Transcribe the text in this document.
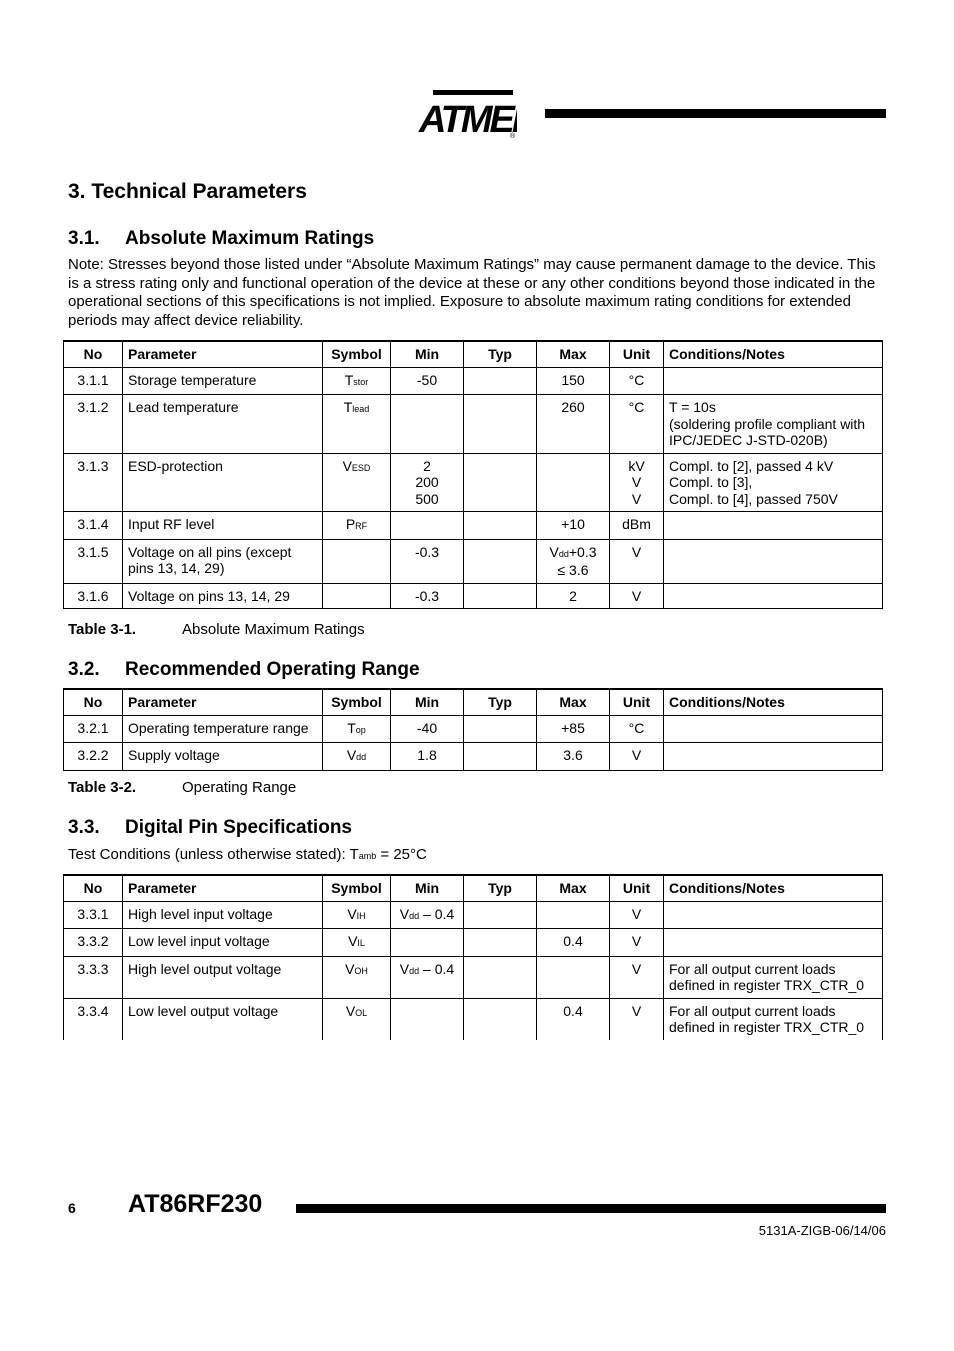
ATME
®
3. Technical Parameters
3.1. Absolute Maximum Ratings

Note: Stresses beyond those listed under “Absolute Maximum Ratings” may cause permanent damage to the device. This is a stress rating only and functional operation of the device at these or any other conditions beyond those indicated in the operational sections of this specifications is not implied. Exposure to absolute maximum rating conditions for extended periods may affect device reliability.

No	Parameter	Symbol	Min	Typ	Max	Unit	Conditions/Notes
3.1.1	Storage temperature	Tstor	-50		150	°C	
3.1.2	Lead temperature	Tlead			260	°C	T = 10s
(soldering profile compliant with IPC/JEDEC J-STD-020B)
3.1.3	ESD-protection	VESD	2
200
500			kV
V
V	Compl. to [2], passed 4 kV
Compl. to [3],
Compl. to [4], passed 750V
3.1.4	Input RF level	PRF			+10	dBm	
3.1.5	Voltage on all pins (except pins 13, 14, 29)		-0.3		Vdd+0.3
≤ 3.6	V	
3.1.6	Voltage on pins 13, 14, 29		-0.3		2	V	
Table 3-1.	Absolute Maximum Ratings
3.2. Recommended Operating Range
No	Parameter	Symbol	Min	Typ	Max	Unit	Conditions/Notes
3.2.1	Operating temperature range	Top	-40		+85	°C	
3.2.2	Supply voltage	Vdd	1.8		3.6	V	
Table 3-2.	Operating Range
3.3. Digital Pin Specifications
Test Conditions (unless otherwise stated): Tamb = 25°C
No	Parameter	Symbol	Min	Typ	Max	Unit	Conditions/Notes
3.3.1	High level input voltage	VIH	Vdd – 0.4			V	
3.3.2	Low level input voltage	VIL			0.4	V	
3.3.3	High level output voltage	VOH	Vdd – 0.4			V	For all output current loads defined in register TRX_CTR_0
3.3.4	Low level output voltage	VOL			0.4	V	For all output current loads defined in register TRX_CTR_0
6 AT86RF230
5131A-ZIGB-06/14/06
